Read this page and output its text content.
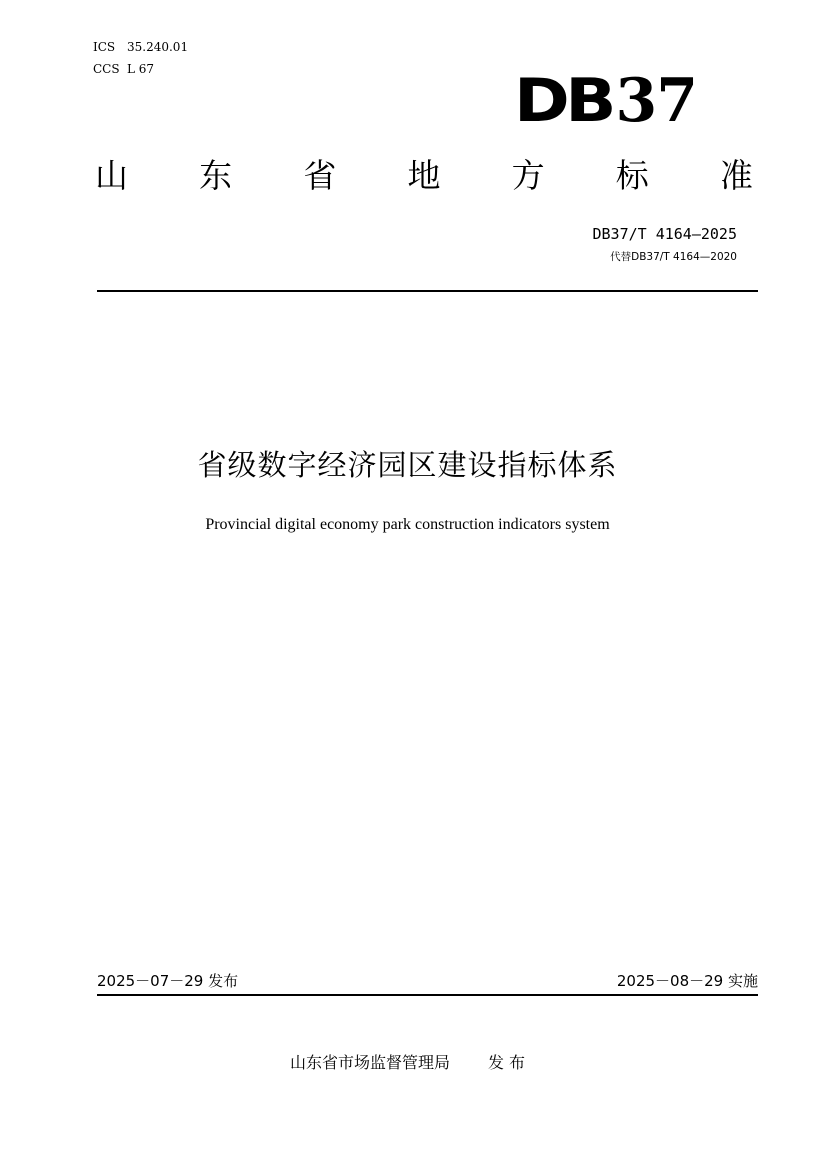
ICS 35.240.01
CCS L 67	DB37
山 东 省 地 方 标 准
DB37/T 4164—2025
代替DB37/T 4164—2020
省级数字经济园区建设指标体系
Provincial digital economy park construction indicators system
2025－07－29 发布	2025－08－29 实施
山东省市场监督管理局 发 布
